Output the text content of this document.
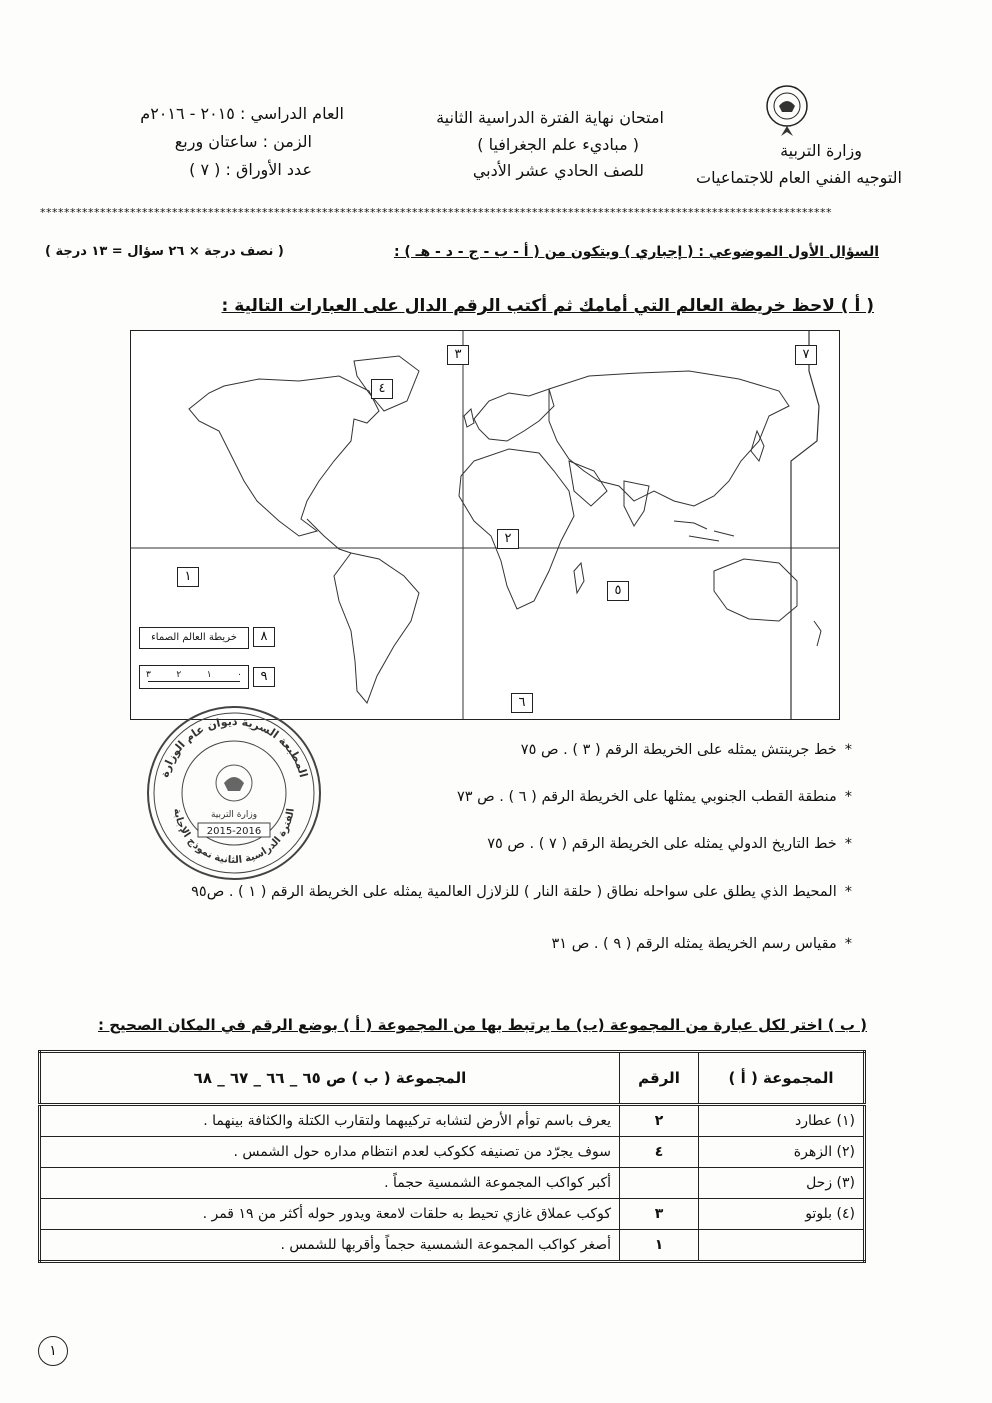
وزارة التربية
التوجيه الفني العام للاجتماعيات
امتحان نهاية الفترة الدراسية الثانية
( مباديء علم الجغرافيا )
للصف الحادي عشر الأدبي
العام الدراسي : ٢٠١٥ - ٢٠١٦م
الزمن : ساعتان وربع
عدد الأوراق : ( ٧ )
************************************************************************************************************************************
السؤال الأول الموضوعي : ( إجباري ) ويتكون من ( أ - ب - ج - د - هـ ) :
( نصف درجة × ٢٦ سؤال = ١٣ درجة )
( أ ) لاحظ خريطة العالم التي أمامك ثم أكتب الرقم الدال على العبارات التالية :
٣	٧
٤
٢
١
٥
٦
خريطة العالم الصماء	٨
٣	٢	١	٠	٩
المطبعة السرية ديوان عام الوزارة
الفترة الدراسية الثانية نموذج الإجابة
وزارة التربية
2015-2016
*خط جرينتش يمثله على الخريطة الرقم ( ٣ ) . ص ٧٥
*منطقة القطب الجنوبي يمثلها على الخريطة الرقم ( ٦ ) . ص ٧٣
*خط التاريخ الدولي يمثله على الخريطة الرقم ( ٧ ) . ص ٧٥
*المحيط الذي يطلق على سواحله نطاق ( حلقة النار ) للزلازل العالمية يمثله على الخريطة الرقم ( ١ ) . ص٩٥
*مقياس رسم الخريطة يمثله الرقم ( ٩ ) . ص ٣١
( ب ) اختر لكل عبارة من المجموعة (ب) ما يرتبط بها من المجموعة ( أ ) بوضع الرقم في المكان الصحيح :
المجموعة ( أ )	الرقم	المجموعة ( ب ) ص ٦٥ _ ٦٦ _ ٦٧ _ ٦٨
(١) عطارد	٢	يعرف باسم توأم الأرض لتشابه تركيبهما ولتقارب الكتلة والكثافة بينهما .
(٢) الزهرة	٤	سوف يجرّد من تصنيفه ككوكب لعدم انتظام مداره حول الشمس .
(٣) زحل		أكبر كواكب المجموعة الشمسية حجماً .
(٤) بلوتو	٣	كوكب عملاق غازي تحيط به حلقات لامعة ويدور حوله أكثر من ١٩ قمر .
	١	أصغر كواكب المجموعة الشمسية حجماً وأقربها للشمس .
١
